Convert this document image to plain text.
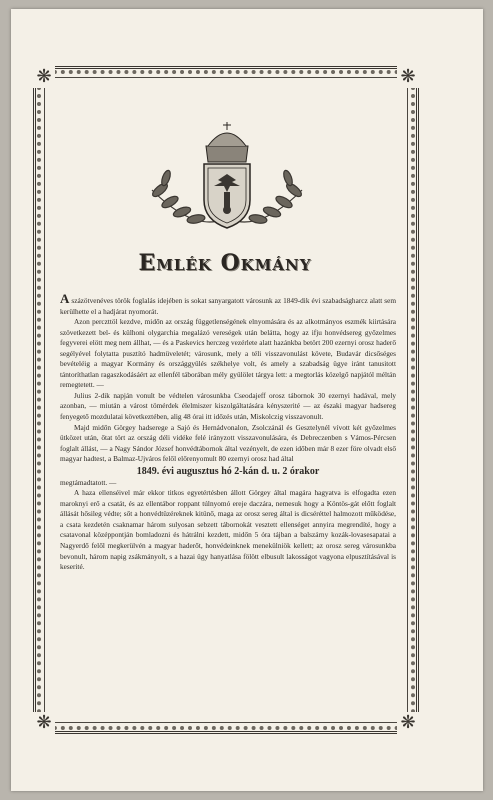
❋	❋
❋	❋
Emlék Okmány

A százötvenéves török foglalás idejében is sokat sanyargatott városunk az 1849-dik évi szabadságharcz alatt sem kerülhette el a hadjárat nyomorát.

Azon perczttöl kezdve, midőn az ország függetlenségének elnyomására és az alkotmányos eszmék kiirtására szövetkezett bel- és külhoni olygarchia megalázó vereségek után belátta, hogy az ifju honvédsereg győzelmes fegyverei elött meg nem állhat, — és a Paskevics herczeg vezérlete alatt hazánkba betört 200 ezernyi orosz haderő segélyével folytatta pusztító hadmüveletét; városunk, mely a téli visszavonulást követe, Budavár dicsőséges bevételéig a magyar Kormány és országgyülés székhelye volt, és amely a szabadság ügye iránt tanusitott tántoríthatlan ragaszkodásáért az ellenfél táborában mély gyülölet tárgya lett: a megtorlás közelgő napjától méltán remegtetett. —

Julius 2-dik napján vonult be védtelen városunkba Cseodajeff orosz tábornok 30 ezernyi hadával, mely azonban, — miután a várost tömérdek élelmiszer kiszolgáltatására kényszerité — az északi magyar hadsereg fenyegető mozdulatai következtében, alig 48 órai itt időzés után, Miskolczig visszavonult.

Majd midőn Görgey hadserege a Sajó és Hernádvonalon, Zsolczánál és Gesztelynél vívott két győzelmes ütközet után, őtat tört az ország déli vidéke felé irányzott visszavonulására, és Debreczenben s Vámos-Pércsen foglalt állást, — a Nagy Sándor József honvédtábornok által vezényelt, de ezen időben már 8 ezer före olvadt első magyar hadtest, a Balmaz-Ujváros felől előrenyomult 80 ezernyi orosz had által

1849. évi augusztus hó 2-kán d. u. 2 órakor

megtámadtatott. —

A haza ellenséivel már ekkor titkos egyetértésben állott Görgey által magára hagyatva is elfogadta ezen maroknyi erő a csatát, és az ellentábor roppant túlnyomó ereje daczára, nemesuk hogy a Köntös-gát előtt foglalt állását hősileg védte; sőt a honvédtüzéreknek kitünő, maga az orosz sereg által is dicséréttel halmozott működése, a csata kezdetén csaknamar három sulyosan sebzett tábornokát vesztett ellenséget annyira megrendíté, hogy a csatavonal középpontján bomladozni és hátrálni kezdett, midőn 5 óra tájban a balszárny kozák-lovasesapatai a Nagyerdő felől megkerülvén a magyar haderőt, honvédeinknek menekülniök kellett; az orosz sereg városunkba bevonult, három napig zsákmányolt, s a hazai ügy hanyatlása fölött elbusult lakosságot vagyona elpusztításával is keserité.
